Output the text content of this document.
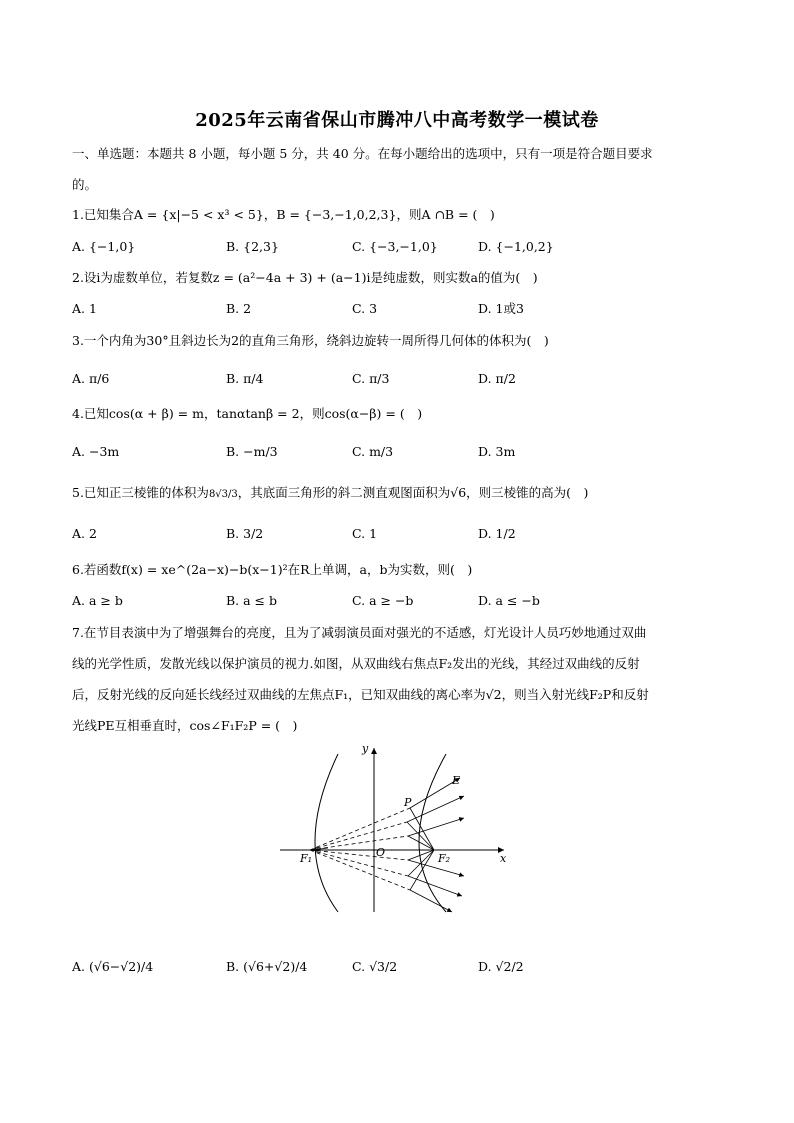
2025年云南省保山市腾冲八中高考数学一模试卷
一、单选题：本题共 8 小题，每小题 5 分，共 40 分。在每小题给出的选项中，只有一项是符合题目要求
的。
1.已知集合A = {x|−5 < x³ < 5}，B = {−3,−1,0,2,3}，则A ∩B = (　)
A. {−1,0}	B. {2,3}	C. {−3,−1,0}	D. {−1,0,2}
2.设i为虚数单位，若复数z = (a²−4a + 3) + (a−1)i是纯虚数，则实数a的值为(　)
A. 1	B. 2	C. 3	D. 1或3
3.一个内角为30°且斜边长为2的直角三角形，绕斜边旋转一周所得几何体的体积为(　)
A. π/6	B. π/4	C. π/3	D. π/2
4.已知cos(α + β) = m，tanαtanβ = 2，则cos(α−β) = (　)
A. −3m	B. −m/3	C. m/3	D. 3m
5.已知正三棱锥的体积为8√3/3，其底面三角形的斜二测直观图面积为√6，则三棱锥的高为(　)
A. 2	B. 3/2	C. 1	D. 1/2
6.若函数f(x) = xe^(2a−x)−b(x−1)²在R上单调，a，b为实数，则(　)
A. a ≥ b	B. a ≤ b	C. a ≥ −b	D. a ≤ −b
7.在节目表演中为了增强舞台的亮度，且为了减弱演员面对强光的不适感，灯光设计人员巧妙地通过双曲
线的光学性质，发散光线以保护演员的视力.如图，从双曲线右焦点F₂发出的光线，其经过双曲线的反射
后，反射光线的反向延长线经过双曲线的左焦点F₁，已知双曲线的离心率为√2，则当入射光线F₂P和反射
光线PE互相垂直时，cos∠F₁F₂P = (　)
y
x
O
E
P
F₁	F₂
A. (√6−√2)/4	B. (√6+√2)/4	C. √3/2	D. √2/2
